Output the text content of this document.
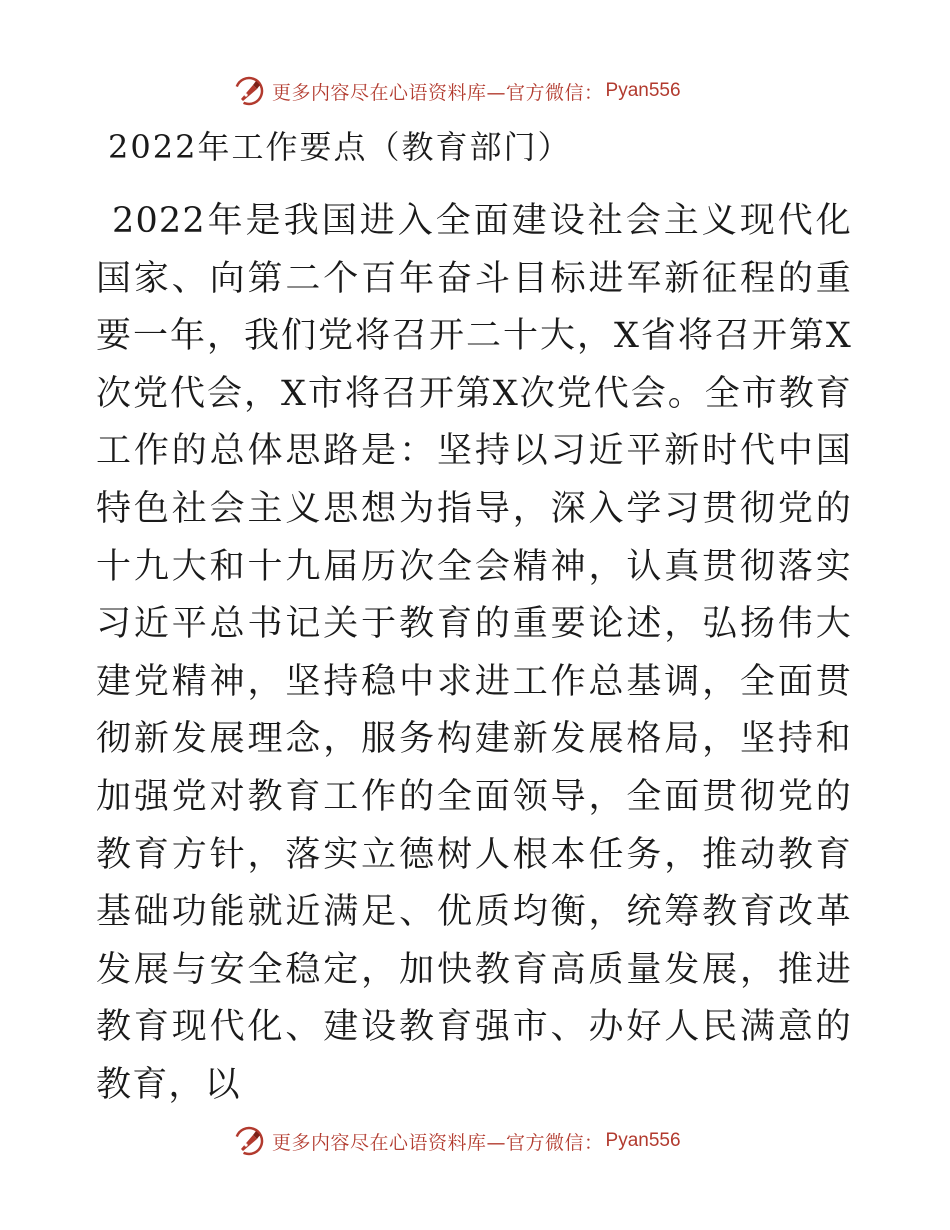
更多内容尽在心语资料库—官方微信： Pyan556
2022年工作要点（教育部门）

2022年是我国进入全面建设社会主义现代化国家、向第二个百年奋斗目标进军新征程的重要一年，我们党将召开二十大，X省将召开第X次党代会，X市将召开第X次党代会。全市教育工作的总体思路是：坚持以习近平新时代中国特色社会主义思想为指导，深入学习贯彻党的十九大和十九届历次全会精神，认真贯彻落实习近平总书记关于教育的重要论述，弘扬伟大建党精神，坚持稳中求进工作总基调，全面贯彻新发展理念，服务构建新发展格局，坚持和加强党对教育工作的全面领导，全面贯彻党的教育方针，落实立德树人根本任务，推动教育基础功能就近满足、优质均衡，统筹教育改革发展与安全稳定，加快教育高质量发展，推进教育现代化、建设教育强市、办好人民满意的教育，以

更多内容尽在心语资料库—官方微信： Pyan556
